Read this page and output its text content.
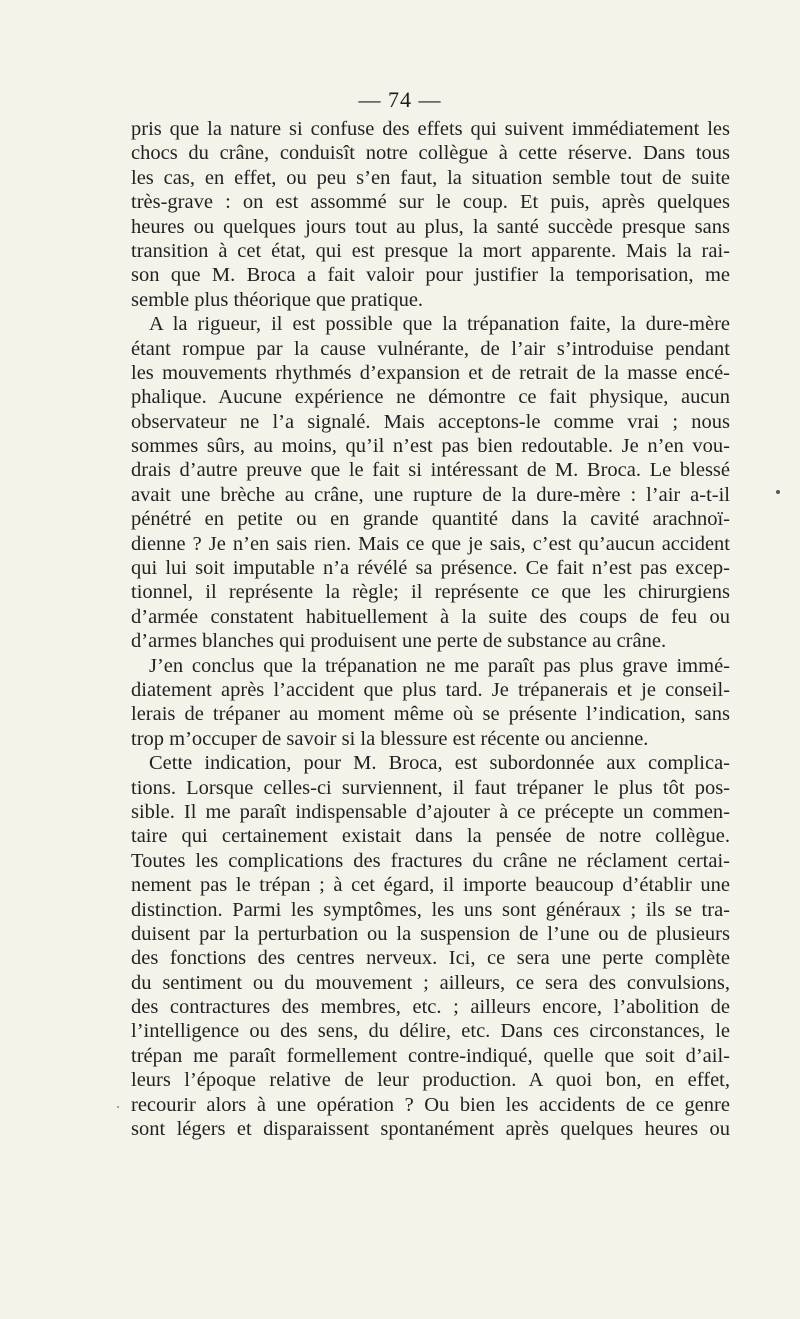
— 74 —
pris que la nature si confuse des effets qui suivent immédiatement les
chocs du crâne, conduisît notre collègue à cette réserve. Dans tous
les cas, en effet, ou peu s’en faut, la situation semble tout de suite
très-grave : on est assommé sur le coup. Et puis, après quelques
heures ou quelques jours tout au plus, la santé succède presque sans
transition à cet état, qui est presque la mort apparente. Mais la rai-
son que M. Broca a fait valoir pour justifier la temporisation, me
semble plus théorique que pratique.
A la rigueur, il est possible que la trépanation faite, la dure-mère
étant rompue par la cause vulnérante, de l’air s’introduise pendant
les mouvements rhythmés d’expansion et de retrait de la masse encé-
phalique. Aucune expérience ne démontre ce fait physique, aucun
observateur ne l’a signalé. Mais acceptons-le comme vrai ; nous
sommes sûrs, au moins, qu’il n’est pas bien redoutable. Je n’en vou-
drais d’autre preuve que le fait si intéressant de M. Broca. Le blessé
avait une brèche au crâne, une rupture de la dure-mère : l’air a-t-il
pénétré en petite ou en grande quantité dans la cavité arachnoï-
dienne ? Je n’en sais rien. Mais ce que je sais, c’est qu’aucun accident
qui lui soit imputable n’a révélé sa présence. Ce fait n’est pas excep-
tionnel, il représente la règle; il représente ce que les chirurgiens
d’armée constatent habituellement à la suite des coups de feu ou
d’armes blanches qui produisent une perte de substance au crâne.
J’en conclus que la trépanation ne me paraît pas plus grave immé-
diatement après l’accident que plus tard. Je trépanerais et je conseil-
lerais de trépaner au moment même où se présente l’indication, sans
trop m’occuper de savoir si la blessure est récente ou ancienne.
Cette indication, pour M. Broca, est subordonnée aux complica-
tions. Lorsque celles-ci surviennent, il faut trépaner le plus tôt pos-
sible. Il me paraît indispensable d’ajouter à ce précepte un commen-
taire qui certainement existait dans la pensée de notre collègue.
Toutes les complications des fractures du crâne ne réclament certai-
nement pas le trépan ; à cet égard, il importe beaucoup d’établir une
distinction. Parmi les symptômes, les uns sont généraux ; ils se tra-
duisent par la perturbation ou la suspension de l’une ou de plusieurs
des fonctions des centres nerveux. Ici, ce sera une perte complète
du sentiment ou du mouvement ; ailleurs, ce sera des convulsions,
des contractures des membres, etc. ; ailleurs encore, l’abolition de
l’intelligence ou des sens, du délire, etc. Dans ces circonstances, le
trépan me paraît formellement contre-indiqué, quelle que soit d’ail-
leurs l’époque relative de leur production. A quoi bon, en effet,
recourir alors à une opération ? Ou bien les accidents de ce genre
sont légers et disparaissent spontanément après quelques heures ou
